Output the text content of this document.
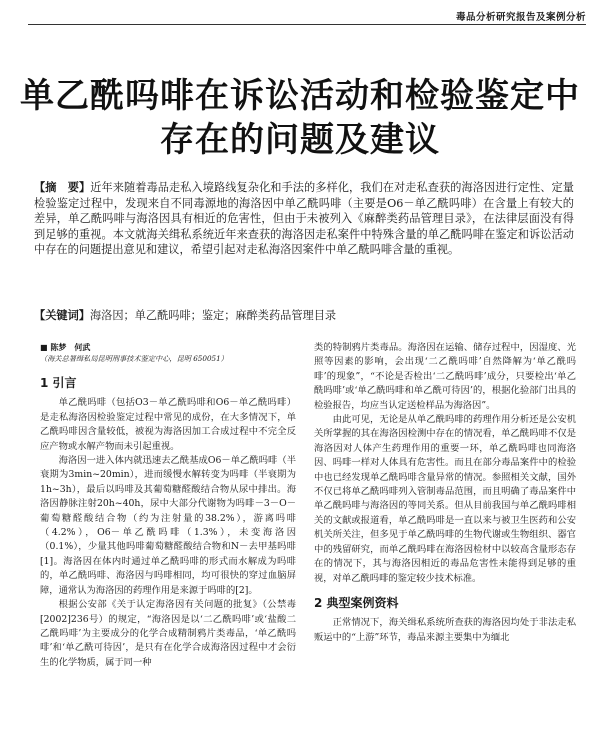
毒品分析研究报告及案例分析
单乙酰吗啡在诉讼活动和检验鉴定中
存在的问题及建议
【摘　要】近年来随着毒品走私入境路线复杂化和手法的多样化，我们在对走私查获的海洛因进行定性、定量检验鉴定过程中，发现来自不同毒源地的海洛因中单乙酰吗啡（主要是O6－单乙酰吗啡）在含量上有较大的差异，单乙酰吗啡与海洛因具有相近的危害性，但由于未被列入《麻醉类药品管理目录》，在法律层面没有得到足够的重视。本文就海关缉私系统近年来查获的海洛因走私案件中特殊含量的单乙酰吗啡在鉴定和诉讼活动中存在的问题提出意见和建议，希望引起对走私海洛因案件中单乙酰吗啡含量的重视。
【关键词】海洛因；单乙酰吗啡；鉴定；麻醉类药品管理目录
■ 陈梦　何武
（海关总署缉私局昆明刑事技术鉴定中心，昆明 650051）
1 引言

单乙酰吗啡（包括O3－单乙酰吗啡和O6－单乙酰吗啡）是走私海洛因检验鉴定过程中常见的成份，在大多情况下，单乙酰吗啡因含量较低，被视为海洛因加工合成过程中不完全反应产物或水解产物而未引起重视。

海洛因一进入体内就迅速去乙酰基成O6－单乙酰吗啡（半衰期为3min~20min），进而缓慢水解转变为吗啡（半衰期为1h~3h），最后以吗啡及其葡萄糖醛酸结合物从尿中排出。海洛因静脉注射20h~40h，尿中大部分代谢物为吗啡－3－O－葡萄糖醛酸结合物（约为注射量的38.2%），游离吗啡（4.2%），O6－单乙酰吗啡（1.3%），未变海洛因（0.1%），少量其他吗啡葡萄糖醛酸结合物和N－去甲基吗啡[1]。海洛因在体内时通过单乙酰吗啡的形式而水解成为吗啡的，单乙酰吗啡、海洛因与吗啡相同，均可很快的穿过血脑屏障，通常认为海洛因的药理作用是来源于吗啡的[2]。

根据公安部《关于认定海洛因有关问题的批复》（公禁毒[2002]236号）的规定，“海洛因是以‘二乙酰吗啡’或‘盐酸二乙酰吗啡’为主要成分的化学合成精制鸦片类毒品，‘单乙酰吗啡’和‘单乙酰可待因’，是只有在化学合成海洛因过程中才会衍生的化学物质，属于同一种

类的特制鸦片类毒品。海洛因在运输、储存过程中，因湿度、光照等因素的影响，会出现‘二乙酰吗啡’自然降解为‘单乙酰吗啡’的现象”，“不论是否检出‘二乙酰吗啡’成分，只要检出‘单乙酰吗啡’或‘单乙酰吗啡和单乙酰可待因’的，根据化验部门出具的检验报告，均应当认定送检样品为海洛因”。

由此可见，无论是从单乙酰吗啡的药理作用分析还是公安机关所掌握的其在海洛因检测中存在的情况看，单乙酰吗啡不仅是海洛因对人体产生药理作用的重要一环，单乙酰吗啡也同海洛因、吗啡一样对人体具有危害性。而且在部分毒品案件中的检验中也已经发现单乙酰吗啡含量异常的情况。参照相关文献，国外不仅已将单乙酰吗啡列入管制毒品范围，而且明确了毒品案件中单乙酰吗啡与海洛因的等同关系。但从目前我国与单乙酰吗啡相关的文献或报道看，单乙酰吗啡是一直以来与被卫生医药和公安机关所关注，但多见于单乙酰吗啡的生物代谢或生物组织、器官中的残留研究，而单乙酰吗啡在海洛因检材中以较高含量形态存在的情况下，其与海洛因相近的毒品危害性未能得到足够的重视，对单乙酰吗啡的鉴定较少技术标准。

2 典型案例资料

正常情况下，海关缉私系统所查获的海洛因均处于非法走私贩运中的“上游”环节，毒品来源主要集中为缅北
